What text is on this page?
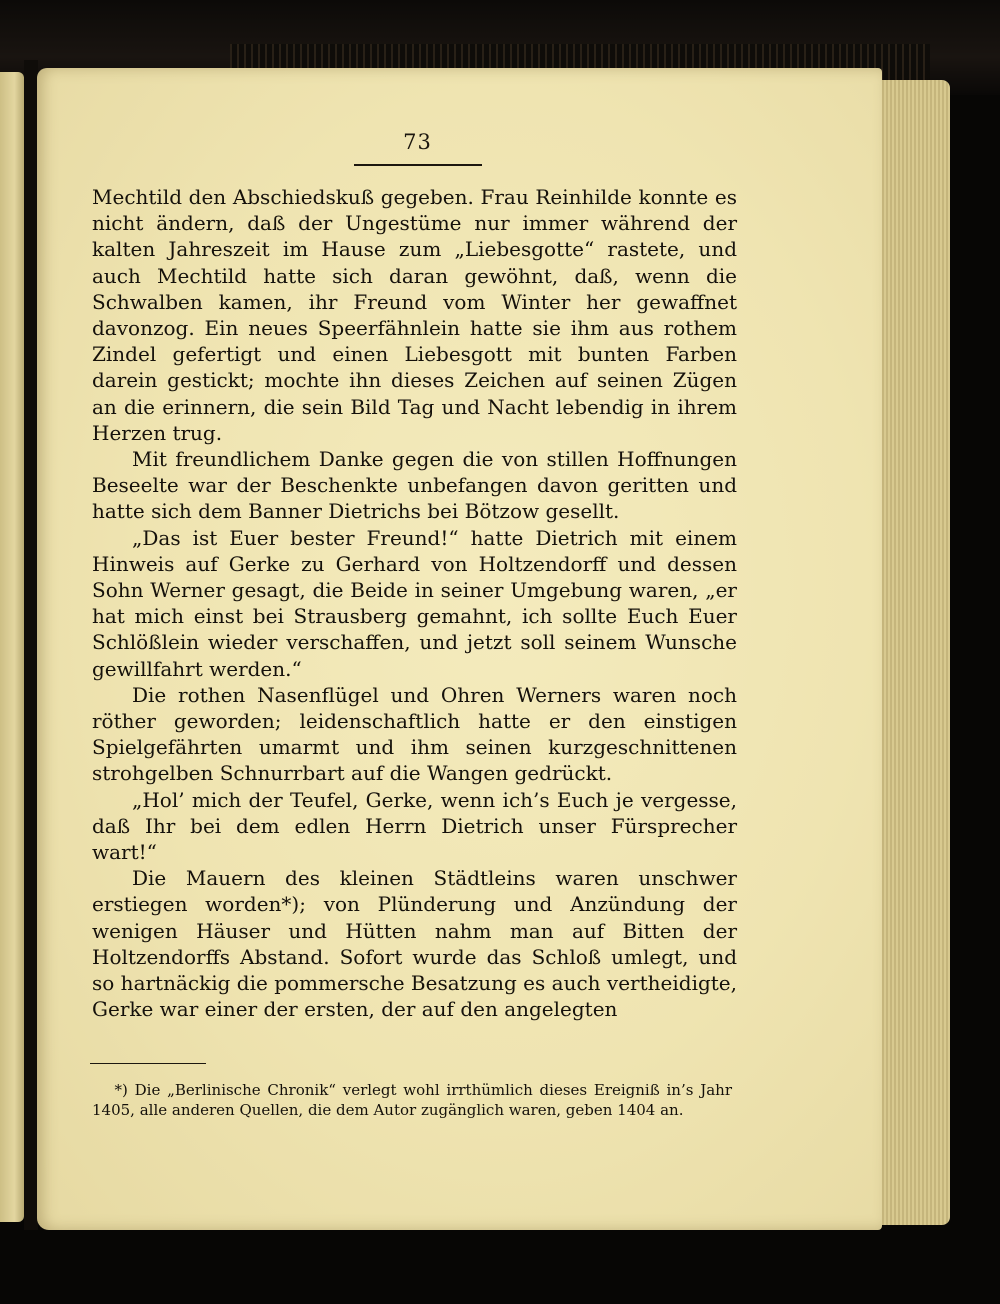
73

Mechtild den Abschiedskuß gegeben. Frau Reinhilde konnte es nicht ändern, daß der Ungestüme nur immer während der kalten Jahreszeit im Hause zum „Liebesgotte“ rastete, und auch Mechtild hatte sich daran gewöhnt, daß, wenn die Schwalben kamen, ihr Freund vom Winter her gewaffnet davonzog. Ein neues Speerfähnlein hatte sie ihm aus rothem Zindel gefertigt und einen Liebesgott mit bunten Farben darein gestickt; mochte ihn dieses Zeichen auf seinen Zügen an die erinnern, die sein Bild Tag und Nacht lebendig in ihrem Herzen trug.

Mit freundlichem Danke gegen die von stillen Hoffnungen Beseelte war der Beschenkte unbefangen davon geritten und hatte sich dem Banner Dietrichs bei Bötzow gesellt.

„Das ist Euer bester Freund!“ hatte Dietrich mit einem Hinweis auf Gerke zu Gerhard von Holtzendorff und dessen Sohn Werner gesagt, die Beide in seiner Umgebung waren, „er hat mich einst bei Strausberg gemahnt, ich sollte Euch Euer Schlößlein wieder verschaffen, und jetzt soll seinem Wunsche gewillfahrt werden.“

Die rothen Nasenflügel und Ohren Werners waren noch röther geworden; leidenschaftlich hatte er den einstigen Spielgefährten umarmt und ihm seinen kurzgeschnittenen strohgelben Schnurrbart auf die Wangen gedrückt.

„Hol’ mich der Teufel, Gerke, wenn ich’s Euch je vergesse, daß Ihr bei dem edlen Herrn Dietrich unser Fürsprecher wart!“

Die Mauern des kleinen Städtleins waren unschwer erstiegen worden*); von Plünderung und Anzündung der wenigen Häuser und Hütten nahm man auf Bitten der Holtzendorffs Abstand. Sofort wurde das Schloß umlegt, und so hartnäckig die pommersche Besatzung es auch vertheidigte, Gerke war einer der ersten, der auf den angelegten

*) Die „Berlinische Chronik“ verlegt wohl irrthümlich dieses Ereigniß in’s Jahr 1405, alle anderen Quellen, die dem Autor zugänglich waren, geben 1404 an.
